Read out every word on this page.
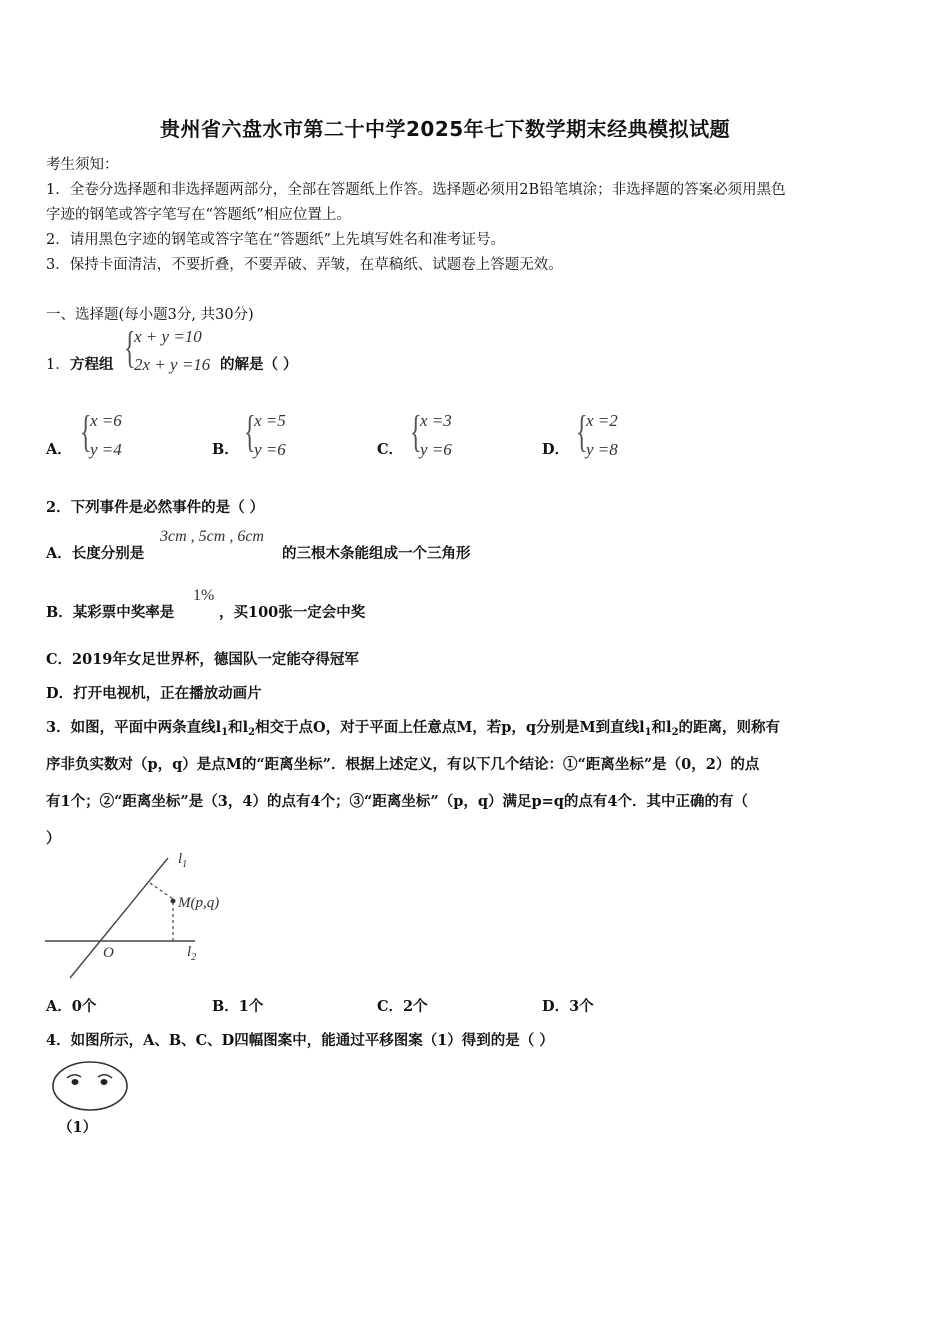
贵州省六盘水市第二十中学2025年七下数学期末经典模拟试题
考生须知：
1．全卷分选择题和非选择题两部分，全部在答题纸上作答。选择题必须用2B铅笔填涂；非选择题的答案必须用黑色
字迹的钢笔或答字笔写在“答题纸”相应位置上。
2．请用黑色字迹的钢笔或答字笔在“答题纸”上先填写姓名和准考证号。
3．保持卡面清洁，不要折叠，不要弄破、弄皱，在草稿纸、试题卷上答题无效。
一、选择题(每小题3分, 共30分)
1． 方程组 {
x + y =10
2x + y =16 的解是（ ）
A． {
x =6
y =4	B． {
x =5
y =6	C． {
x =3
y =6	D． {
x =2
y =8
2．下列事件是必然事件的是（ ）
A．长度分别是
3cm , 5cm , 6cm
的三根木条能组成一个三角形
B．某彩票中奖率是
1%
，买100张一定会中奖
C．2019年女足世界杯，德国队一定能夺得冠军
D．打开电视机，正在播放动画片
3．如图，平面中两条直线$l_1$和$l_2$相交于点O，对于平面上任意点M，若p，q分别是M到直线$l_1$和$l_2$的距离，则称有
序非负实数对（p，q）是点M的“距离坐标”．根据上述定义，有以下几个结论：①“距离坐标”是（0，2）的点
有1个；②“距离坐标”是（3，4）的点有4个；③“距离坐标”（p，q）满足p=q的点有4个．其中正确的有（
）
$l_1$
M(p,q)
O	$l_2$
A．0个	B．1个	C．2个	D．3个
4．如图所示，A、B、C、D四幅图案中，能通过平移图案（1）得到的是（ ）
（1）
